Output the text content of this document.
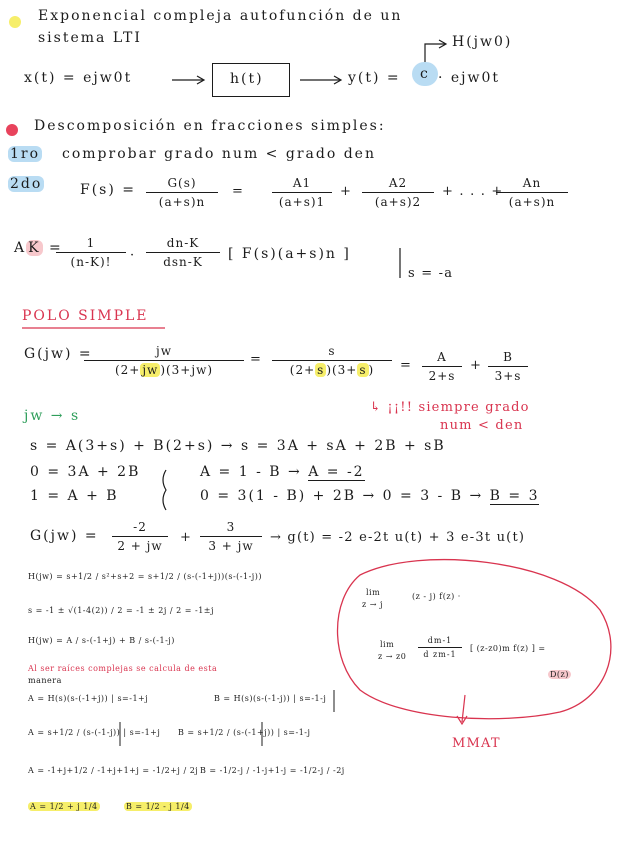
Exponencial compleja autofunción de un
sistema LTI	H(jw0)
x(t) = ejw0t	h(t)	y(t) =	c · ejw0t
Descomposición en fracciones simples:
1ro comprobar grado num < grado den
2do	F(s) =	G(s)
(a+s)n
=
A1
(a+s)1
+
A2
(a+s)2
+ . . . +
An
(a+s)n
A K =	1
(n-K)!	·
dn-K
dsn-K	[ F(s)(a+s)n ]
s = -a
POLO SIMPLE
G(jw) =	jw
(2+ jw )(3+jw)
=
s
(2+ s )(3+ s )	=
A
2+s
+
B
3+s
↳ ¡¡!! siempre grado
num < den
jw → s
s = A(3+s) + B(2+s) → s = 3A + sA + 2B + sB
0 = 3A + 2B
1 = A + B
A = 1 - B → A = -2
0 = 3(1 - B) + 2B → 0 = 3 - B → B = 3
G(jw) =
-2
2 + jw
+
3
3 + jw
→ g(t) = -2 e-2t u(t) + 3 e-3t u(t)
H(jw) = s+1/2 / s²+s+2 = s+1/2 / (s-(-1+j))(s-(-1-j))
s = -1 ± √(1-4(2)) / 2 = -1 ± 2j / 2 = -1±j
H(jw) = A / s-(-1+j) + B / s-(-1-j)
Al ser raíces complejas se calcula de esta
manera
A = H(s)(s-(-1+j)) | s=-1+j	B = H(s)(s-(-1-j)) | s=-1-j
A = s+1/2 / (s-(-1-j)) | s=-1+j B = s+1/2 / (s-(-1+j)) | s=-1-j
A = -1+j+1/2 / -1+j+1+j = -1/2+j / 2j B = -1/2-j / -1-j+1-j = -1/2-j / -2j
A = 1/2 + j 1/4	B = 1/2 - j 1/4
lim
z → j
(z - j) f(z) ·
lim
z → z0
dm-1
d zm-1
[ (z-z0)m f(z) ] =
D(z)
MMAT
